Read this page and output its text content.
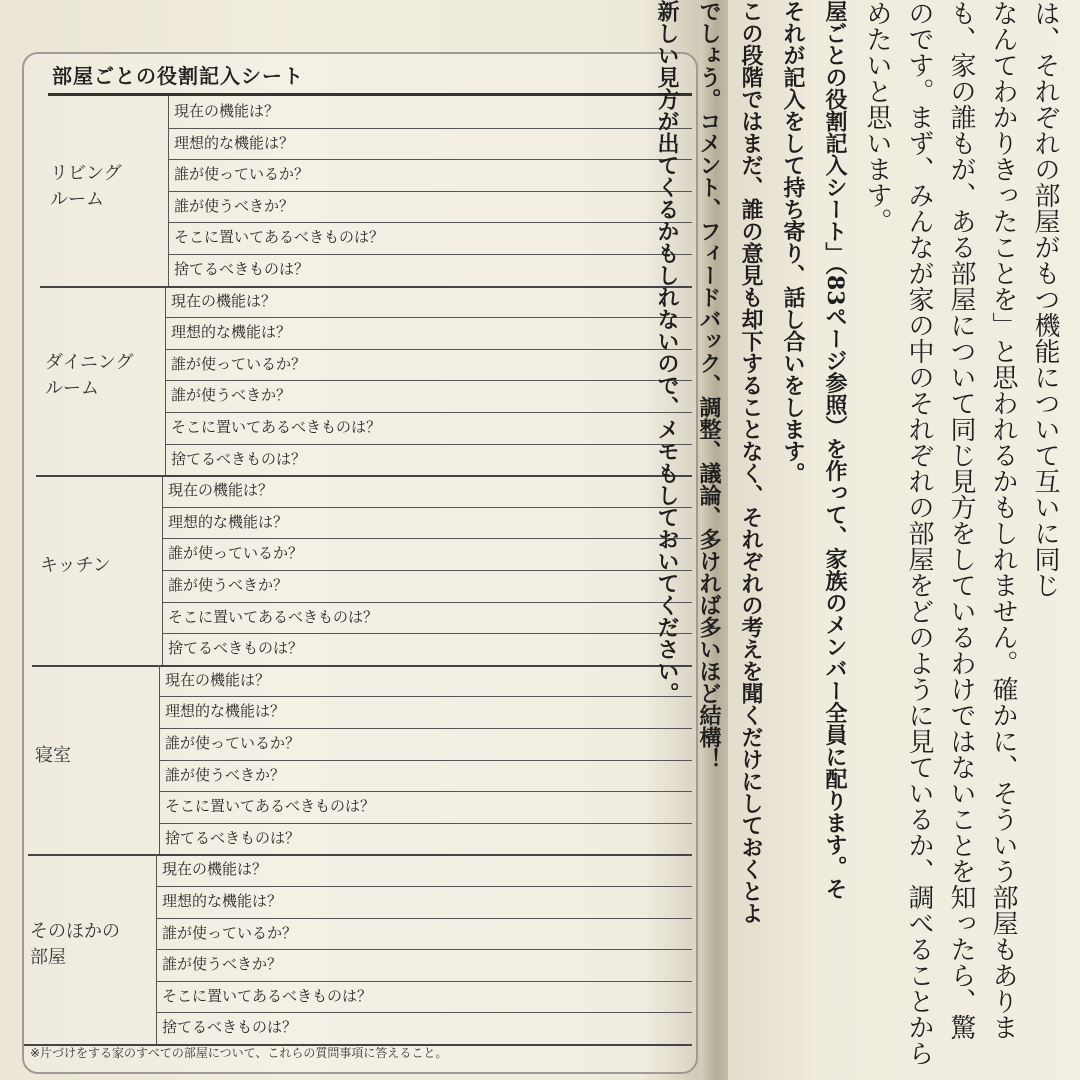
部屋ごとの役割記入シート
リビング
ルーム
現在の機能は？
理想的な機能は？
誰が使っているか？
誰が使うべきか？
そこに置いてあるべきものは？
捨てるべきものは？
ダイニング
ルーム
現在の機能は？
理想的な機能は？
誰が使っているか？
誰が使うべきか？
そこに置いてあるべきものは？
捨てるべきものは？
キッチン
現在の機能は？
理想的な機能は？
誰が使っているか？
誰が使うべきか？
そこに置いてあるべきものは？
捨てるべきものは？
寝室
現在の機能は？
理想的な機能は？
誰が使っているか？
誰が使うべきか？
そこに置いてあるべきものは？
捨てるべきものは？
そのほかの
部屋
現在の機能は？
理想的な機能は？
誰が使っているか？
誰が使うべきか？
そこに置いてあるべきものは？
捨てるべきものは？
※片づけをする家のすべての部屋について、これらの質問事項に答えること。
は、それぞれの部屋がもつ機能について互いに同じ
なんてわかりきったことを」と思われるかもしれません。確かに、そういう部屋もありま
も、家の誰もが、ある部屋について同じ見方をしているわけではないことを知ったら、驚
のです。まず、みんなが家の中のそれぞれの部屋をどのように見ているか、調べることから
めたいと思います。
屋ごとの役割記入シート」（83ページ参照）を作って、家族のメンバー全員に配ります。そ
それが記入をして持ち寄り、話し合いをします。
この段階ではまだ、誰の意見も却下することなく、それぞれの考えを聞くだけにしておくとよ
でしょう。コメント、フィードバック、調整、議論、多ければ多いほど結構！
新しい見方が出てくるかもしれないので、メモもしておいてください。
